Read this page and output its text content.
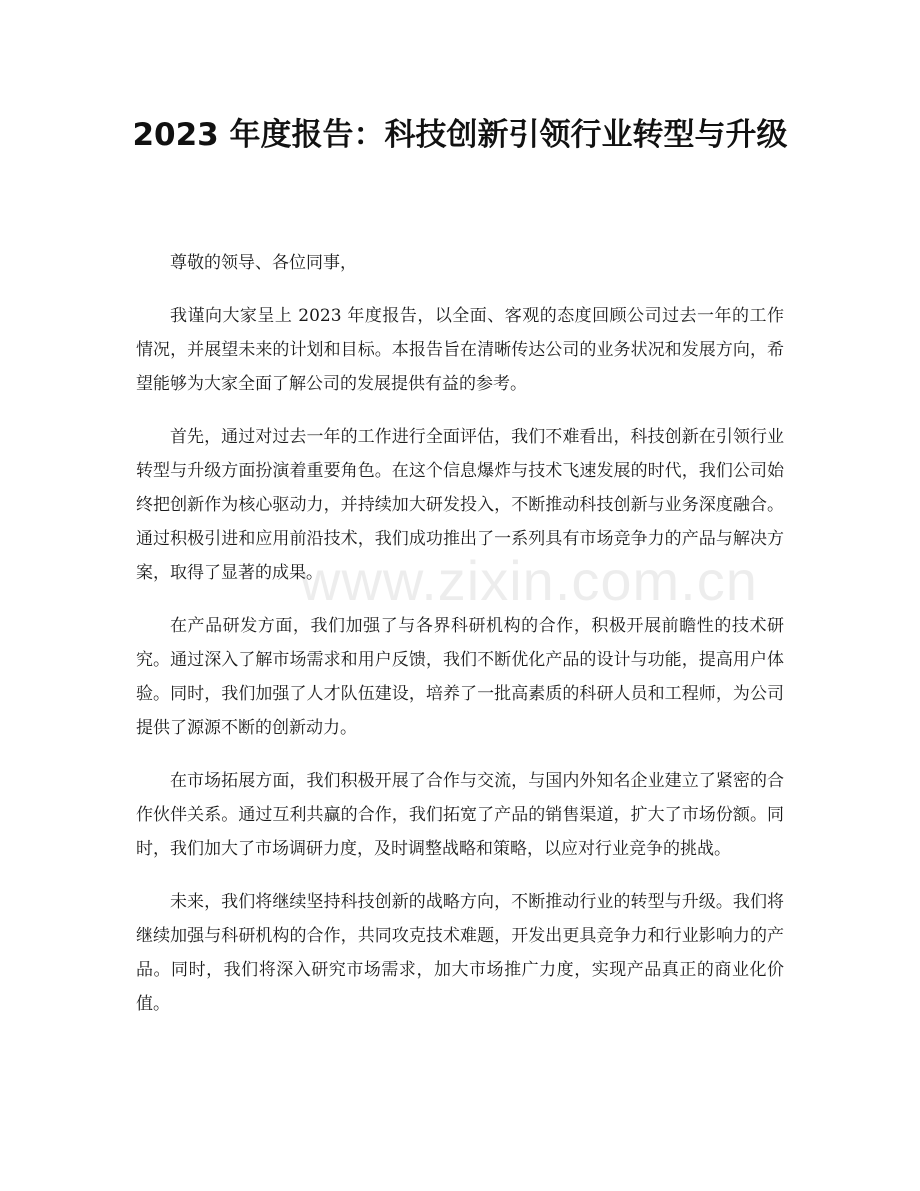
2023 年度报告：科技创新引领行业转型与升级

尊敬的领导、各位同事，

我谨向大家呈上 2023 年度报告，以全面、客观的态度回顾公司过去一年的工作情况，并展望未来的计划和目标。本报告旨在清晰传达公司的业务状况和发展方向，希望能够为大家全面了解公司的发展提供有益的参考。

首先，通过对过去一年的工作进行全面评估，我们不难看出，科技创新在引领行业转型与升级方面扮演着重要角色。在这个信息爆炸与技术飞速发展的时代，我们公司始终把创新作为核心驱动力，并持续加大研发投入，不断推动科技创新与业务深度融合。通过积极引进和应用前沿技术，我们成功推出了一系列具有市场竞争力的产品与解决方案，取得了显著的成果。

在产品研发方面，我们加强了与各界科研机构的合作，积极开展前瞻性的技术研究。通过深入了解市场需求和用户反馈，我们不断优化产品的设计与功能，提高用户体验。同时，我们加强了人才队伍建设，培养了一批高素质的科研人员和工程师，为公司提供了源源不断的创新动力。

在市场拓展方面，我们积极开展了合作与交流，与国内外知名企业建立了紧密的合作伙伴关系。通过互利共赢的合作，我们拓宽了产品的销售渠道，扩大了市场份额。同时，我们加大了市场调研力度，及时调整战略和策略，以应对行业竞争的挑战。

未来，我们将继续坚持科技创新的战略方向，不断推动行业的转型与升级。我们将继续加强与科研机构的合作，共同攻克技术难题，开发出更具竞争力和行业影响力的产品。同时，我们将深入研究市场需求，加大市场推广力度，实现产品真正的商业化价值。

www.zixin.com.cn
